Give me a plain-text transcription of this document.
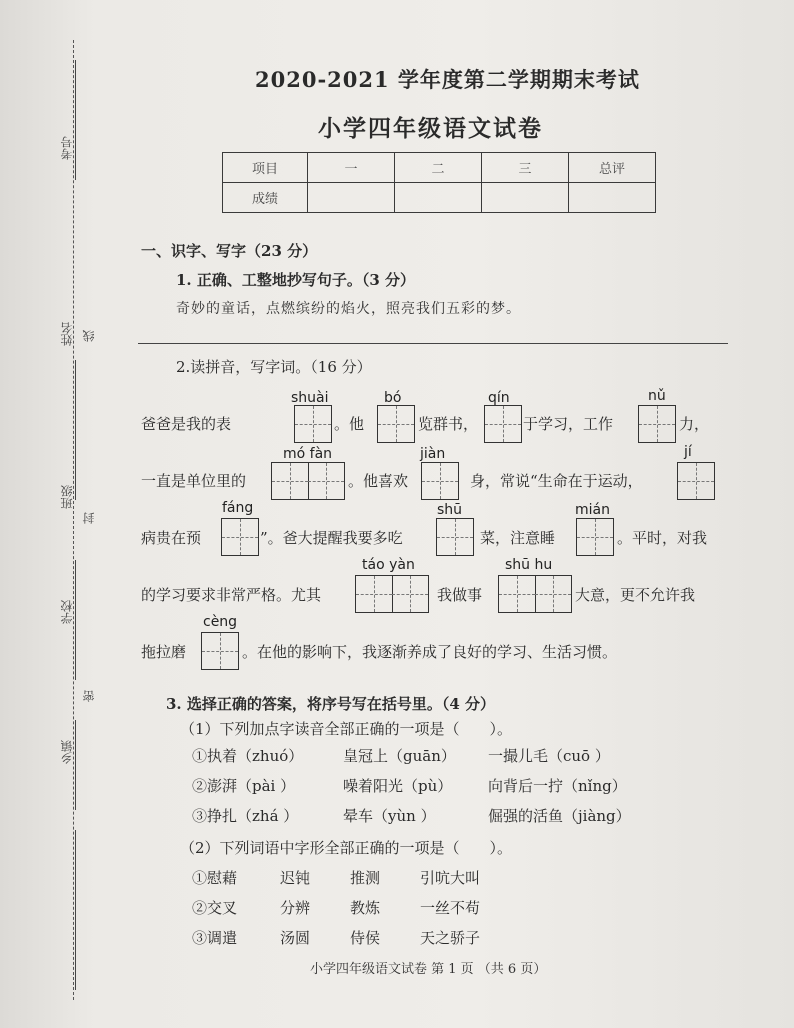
考号
姓名 线
班级
封
学校
密
乡镇
2020-2021 学年度第二学期期末考试
小学四年级语文试卷
项目	一	二	三	总评
成绩				
一、识字、写字（23 分）
1. 正确、工整地抄写句子。（3 分）
奇妙的童话，点燃缤纷的焰火，照亮我们五彩的梦。
2.读拼音，写字词。（16 分）
shuài	bó	qín	nǔ
爸爸是我的表	。他	览群书，	于学习，工作	力，
mó fàn	jiàn	jí
一直是单位里的	。他喜欢	身，常说“生命在于运动，
fáng	shū	mián
病贵在预	”。爸大提醒我要多吃	菜，注意睡	。平时，对我
táo yàn	shū hu
的学习要求非常严格。尤其	我做事	大意，更不允许我
cèng
拖拉磨	。在他的影响下，我逐渐养成了良好的学习、生活习惯。
3. 选择正确的答案，将序号写在括号里。（4 分）
（1）下列加点字读音全部正确的一项是（　　）。
①执着（zhuó）	皇冠上（guān） 一撮儿毛（cuō ）
②澎湃（pài ）	噪着阳光（pù） 向背后一拧（nǐng）
③挣扎（zhá ）	晕车（yùn ）	倔强的活鱼（jiàng）
（2）下列词语中字形全部正确的一项是（　　）。
①慰藉	迟钝	推测	引吭大叫
②交叉	分辨	教炼	一丝不苟
③调遣	汤圆	侍侯	天之骄子
小学四年级语文试卷 第 1 页 （共 6 页）
